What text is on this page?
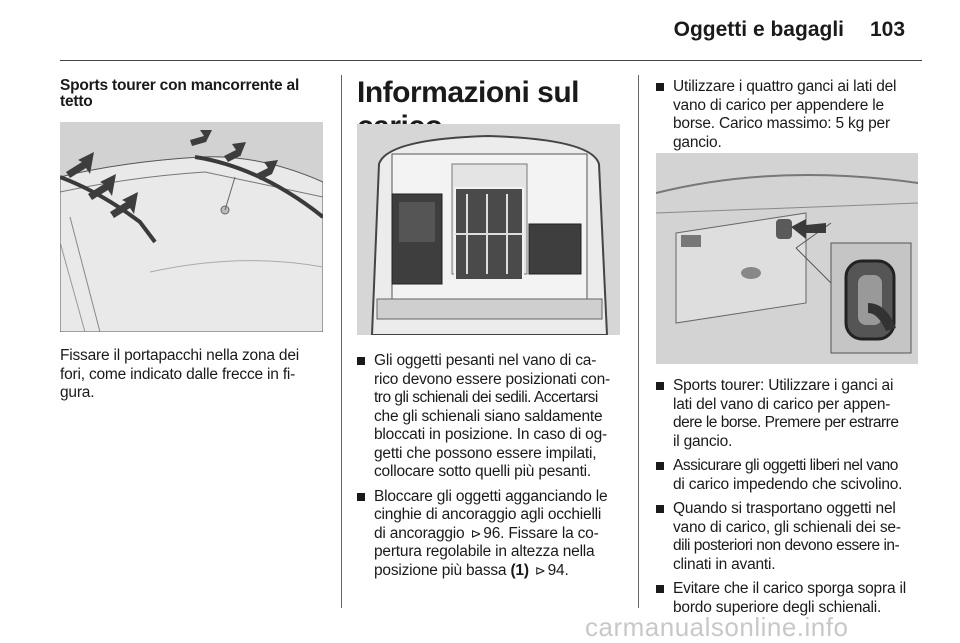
Oggetti e bagagli 103
Sports tourer con mancorrente al tetto

Fissare il portapacchi nella zona dei

fori, come indicato dalle frecce in fi-

gura.

Informazioni sul

Gli oggetti pesanti nel vano di ca-

rico devono essere posizionati con-

tro gli schienali dei sedili. Accertarsi

che gli schienali siano saldamente

bloccati in posizione. In caso di og-

getti che possono essere impilati,

collocare sotto quelli più pesanti.

Bloccare gli oggetti agganciando le

cinghie di ancoraggio agli occhielli

di ancoraggio ⊳ 96. Fissare la co-

pertura regolabile in altezza nella

posizione più bassa (1) ⊳ 94.

Utilizzare i quattro ganci ai lati del

vano di carico per appendere le

borse. Carico massimo: 5 kg per

gancio.

Sports tourer: Utilizzare i ganci ai

lati del vano di carico per appen-

dere le borse. Premere per estrarre

il gancio.

Assicurare gli oggetti liberi nel vano

di carico impedendo che scivolino.

Quando si trasportano oggetti nel

vano di carico, gli schienali dei se-

dili posteriori non devono essere in-

clinati in avanti.

Evitare che il carico sporga sopra il

bordo superiore degli schienali.

carmanualsonline.info
